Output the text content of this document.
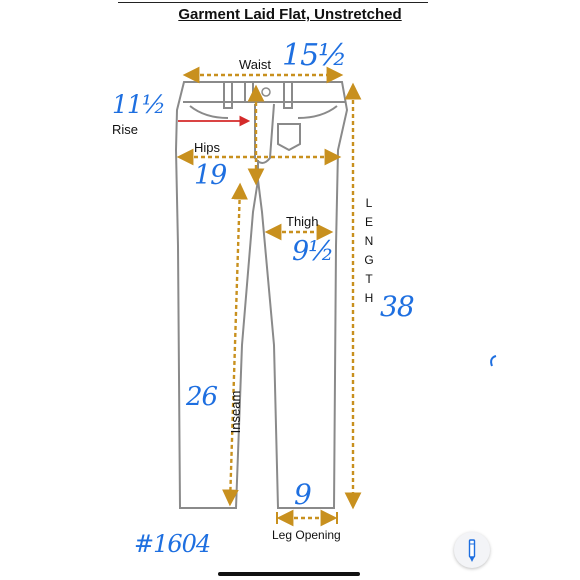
Garment Laid Flat, Unstretched
Waist
Rise
Hips
Thigh
Inseam
Leg Opening
L
E
N
G
T
H
15½
11½
19
9½
38
26
9
#1604
